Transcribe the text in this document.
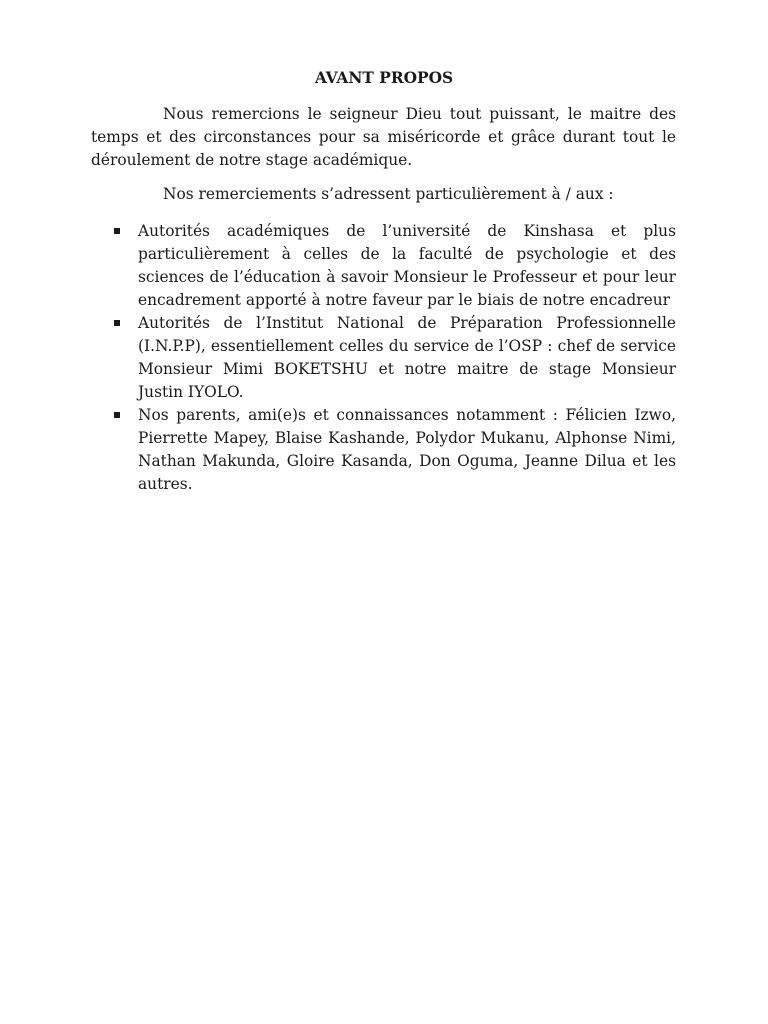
AVANT PROPOS

Nous remercions le seigneur Dieu tout puissant, le maitre des temps et des circonstances pour sa miséricorde et grâce durant tout le déroulement de notre stage académique.

Nos remerciements s’adressent particulièrement à / aux :

Autorités académiques de l’université de Kinshasa et plus particulièrement à celles de la faculté de psychologie et des sciences de l’éducation à savoir Monsieur le Professeur et pour leur encadrement apporté à notre faveur par le biais de notre encadreur
Autorités de l’Institut National de Préparation Professionnelle (I.N.P.P), essentiellement celles du service de l’OSP : chef de service Monsieur Mimi BOKETSHU et notre maitre de stage Monsieur Justin IYOLO.
Nos parents, ami(e)s et connaissances notamment : Félicien Izwo, Pierrette Mapey, Blaise Kashande, Polydor Mukanu, Alphonse Nimi, Nathan Makunda, Gloire Kasanda, Don Oguma, Jeanne Dilua et les autres.
